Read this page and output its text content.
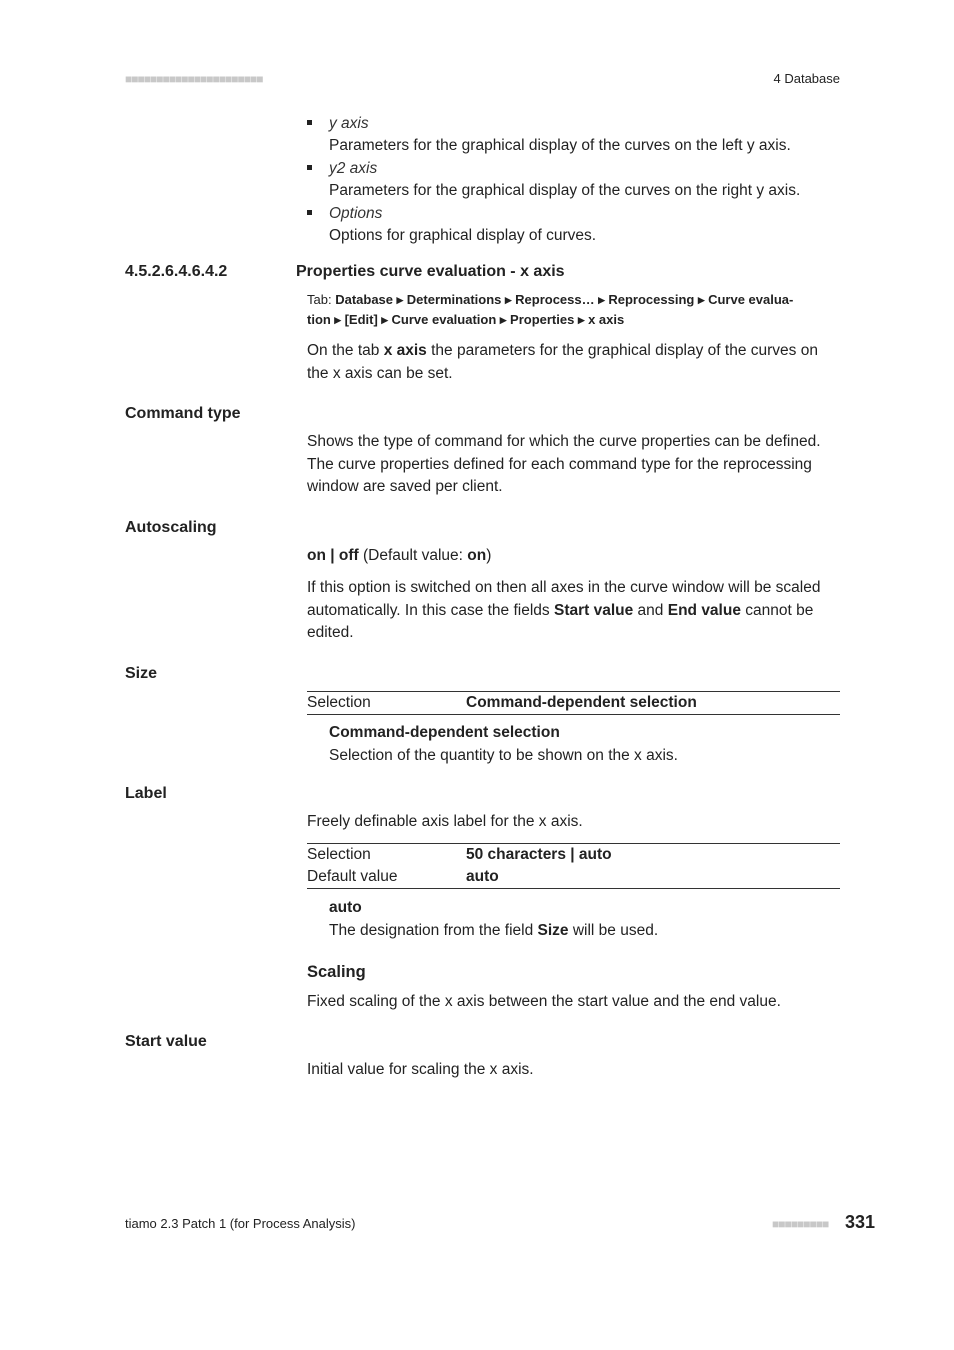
■■■■■■■■■■■■■■■■■■■■■■	4 Database
y axis
Parameters for the graphical display of the curves on the left y axis.
y2 axis
Parameters for the graphical display of the curves on the right y axis.
Options
Options for graphical display of curves.
4.5.2.6.4.6.4.2	Properties curve evaluation - x axis
Tab: Database ▸ Determinations ▸ Reprocess… ▸ Reprocessing ▸ Curve evalua-
tion ▸ [Edit] ▸ Curve evaluation ▸ Properties ▸ x axis
On the tab x axis the parameters for the graphical display of the curves on the x axis can be set.
Command type
Shows the type of command for which the curve properties can be defined. The curve properties defined for each command type for the reprocessing window are saved per client.
Autoscaling
on | off (Default value: on)
If this option is switched on then all axes in the curve window will be scaled automatically. In this case the fields Start value and End value cannot be edited.
Size
Selection	Command-dependent selection
Command-dependent selection
Selection of the quantity to be shown on the x axis.
Label
Freely definable axis label for the x axis.
Selection	50 characters | auto
Default value	auto
auto
The designation from the field Size will be used.
Scaling
Fixed scaling of the x axis between the start value and the end value.
Start value
Initial value for scaling the x axis.
tiamo 2.3 Patch 1 (for Process Analysis)	■■■■■■■■■ 331
